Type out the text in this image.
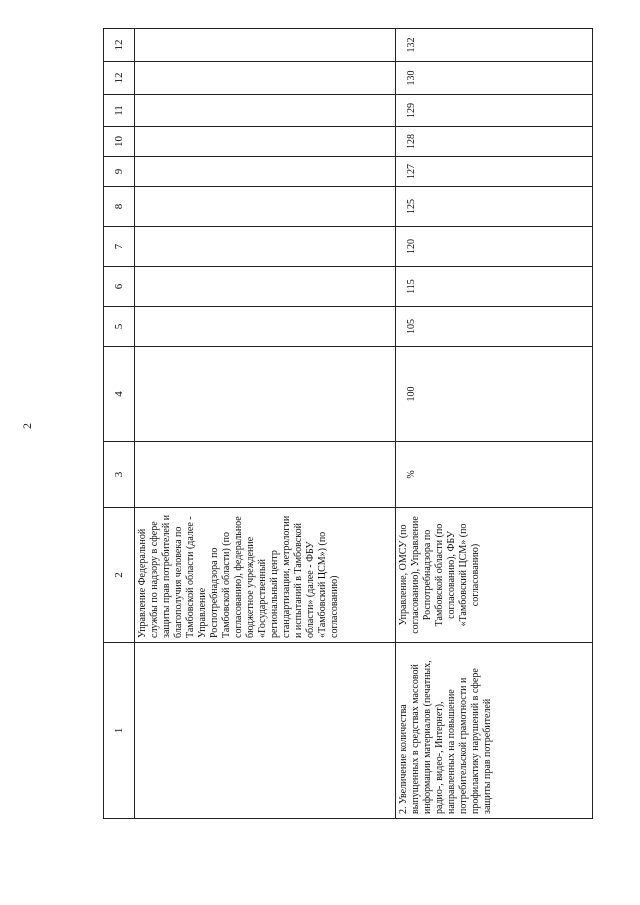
2
1	2	3	4	5	6	7	8	9	10	11	12	12
	Управление Федеральной службы по надзору в сфере защиты прав потребителей и благополучия человека по Тамбовской области (далее - Управление Роспотребнадзора по Тамбовской области) (по согласованию), федеральное бюджетное учреждение «Государственный региональный центр стандартизации, метрологии и испытаний в Тамбовской области» (далее - ФБУ «Тамбовский ЦСМ») (по согласованию)											
2. Увеличение количества выпущенных в средствах массовой информации материалов (печатных, радио-, видео-, Интернет), направленных на повышение потребительской грамотности и профилактику нарушений в сфере защиты прав потребителей	Управление, ОМСУ (по согласованию), Управление Роспотребнадзора по Тамбовской области (по согласованию), ФБУ «Тамбовский ЦСМ» (по согласованию)	%	100	105	115	120	125	127	128	129	130	132
